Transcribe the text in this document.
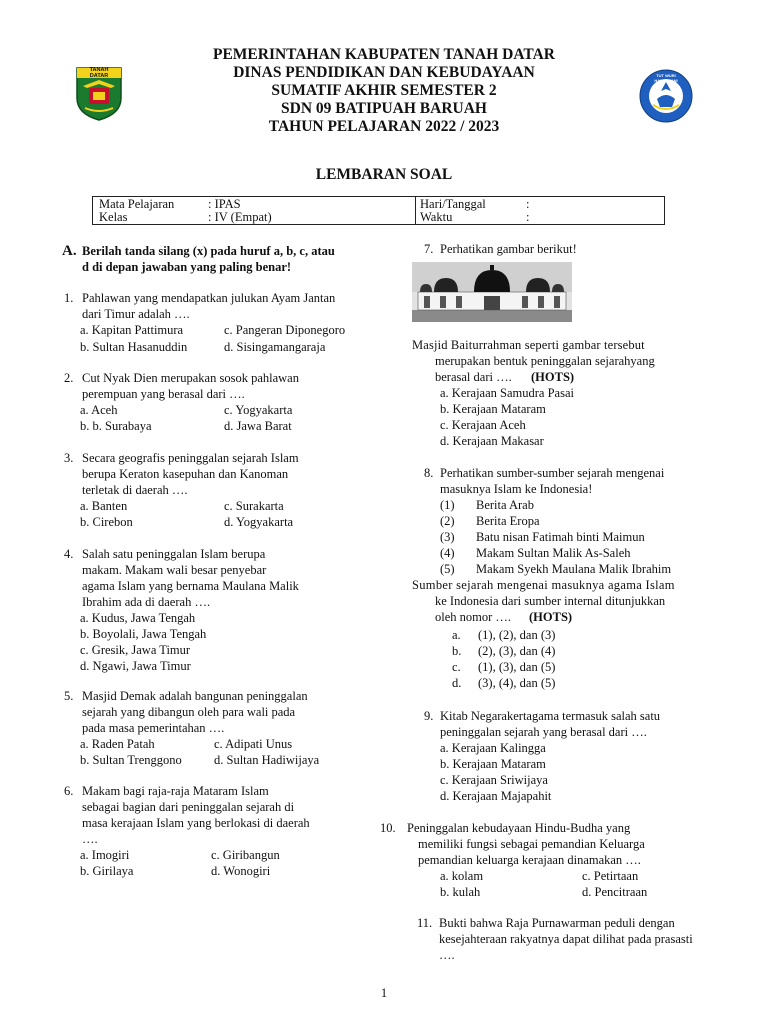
TANAH DATAR	TUT WURI HANDAYANI
PEMERINTAHAN KABUPATEN TANAH DATAR
DINAS PENDIDIKAN DAN KEBUDAYAAN
SUMATIF AKHIR SEMESTER 2
SDN 09 BATIPUAH BARUAH
TAHUN PELAJARAN 2022 / 2023
LEMBARAN SOAL
Mata Pelajaran	: IPAS
Kelas	: IV (Empat)
Hari/Tanggal	:
Waktu	:
A. Berilah tanda silang (x) pada huruf a, b, c, atau
d di depan jawaban yang paling benar!
1. Pahlawan yang mendapatkan julukan Ayam Jantan
dari Timur adalah ….
a. Kapitan Pattimura	c. Pangeran Diponegoro
b. Sultan Hasanuddin	d. Sisingamangaraja
2. Cut Nyak Dien merupakan sosok pahlawan
perempuan yang berasal dari ….
a. Aceh	c. Yogyakarta
b. b. Surabaya	d. Jawa Barat
3. Secara geografis peninggalan sejarah Islam
berupa Keraton kasepuhan dan Kanoman
terletak di daerah ….
a. Banten	c. Surakarta
b. Cirebon	d. Yogyakarta
4. Salah satu peninggalan Islam berupa
makam. Makam wali besar penyebar
agama Islam yang bernama Maulana Malik
Ibrahim ada di daerah ….
a. Kudus, Jawa Tengah
b. Boyolali, Jawa Tengah
c. Gresik, Jawa Timur
d. Ngawi, Jawa Timur
5. Masjid Demak adalah bangunan peninggalan
sejarah yang dibangun oleh para wali pada
pada masa pemerintahan ….
a. Raden Patah	c. Adipati Unus
b. Sultan Trenggono	d. Sultan Hadiwijaya
6. Makam bagi raja-raja Mataram Islam
sebagai bagian dari peninggalan sejarah di
masa kerajaan Islam yang berlokasi di daerah
….
a. Imogiri	c. Giribangun
b. Girilaya	d. Wonogiri
7. Perhatikan gambar berikut!
Masjid Baiturrahman seperti gambar tersebut
merupakan bentuk peninggalan sejarahyang
berasal dari …. (HOTS)
a. Kerajaan Samudra Pasai
b. Kerajaan Mataram
c. Kerajaan Aceh
d. Kerajaan Makasar
8. Perhatikan sumber-sumber sejarah mengenai
masuknya Islam ke Indonesia!
(1) Berita Arab
(2) Berita Eropa
(3) Batu nisan Fatimah binti Maimun
(4) Makam Sultan Malik As-Saleh
(5) Makam Syekh Maulana Malik Ibrahim
Sumber sejarah mengenai masuknya agama Islam
ke Indonesia dari sumber internal ditunjukkan
oleh nomor …. (HOTS)
a. (1), (2), dan (3)
b. (2), (3), dan (4)
c. (1), (3), dan (5)
d. (3), (4), dan (5)
9. Kitab Negarakertagama termasuk salah satu
peninggalan sejarah yang berasal dari ….
a. Kerajaan Kalingga
b. Kerajaan Mataram
c. Kerajaan Sriwijaya
d. Kerajaan Majapahit
10. Peninggalan kebudayaan Hindu-Budha yang
memiliki fungsi sebagai pemandian Keluarga
pemandian keluarga kerajaan dinamakan ….
a. kolam	c. Petirtaan
b. kulah	d. Pencitraan
11. Bukti bahwa Raja Purnawarman peduli dengan
kesejahteraan rakyatnya dapat dilihat pada prasasti
….
1
